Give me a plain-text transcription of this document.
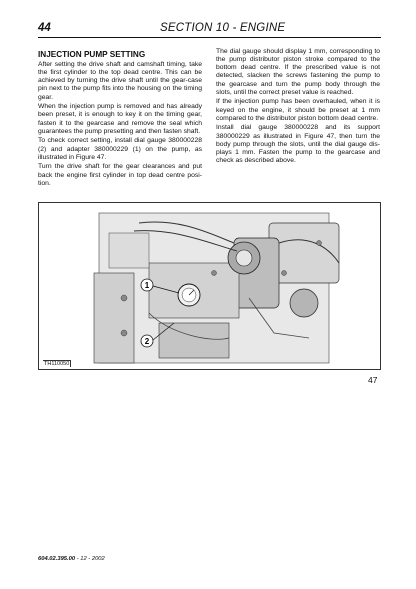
44	SECTION 10 - ENGINE
INJECTION PUMP SETTING

After setting the drive shaft and camshaft timing, take the first cylinder to the top dead centre. This can be achieved by turning the drive shaft until the gear-case pin next to the pump fits into the housing on the timing gear.

When the injection pump is removed and has already been preset, it is enough to key it on the timing gear, fasten it to the gearcase and remove the seal which guarantees the pump presetting and then fasten shaft.

To check correct setting, install dial gauge 380000228 (2) and adapter 380000229 (1) on the pump, as illustrated in Figure 47.

Turn the drive shaft for the gear clearances and put back the engine first cylinder in top dead centre posi-tion.

The dial gauge should display 1 mm, corresponding to the pump distributor piston stroke compared to the bottom dead centre. If the prescribed value is not detected, slacken the screws fastening the pump to the gearcase and turn the pump body through the slots, until the correct preset value is reached.

If the injection pump has been overhauled, when it is keyed on the engine, it should be preset at 1 mm compared to the distributor piston bottom dead centre.

Install dial gauge 380000228 and its support 380000229 as illustrated in Figure 47, then turn the body pump through the slots, until the dial gauge dis-plays 1 mm. Fasten the pump to the gearcase and check as described above.

1
2
TH110050
47
604.02.395.00 - 12 - 2002
